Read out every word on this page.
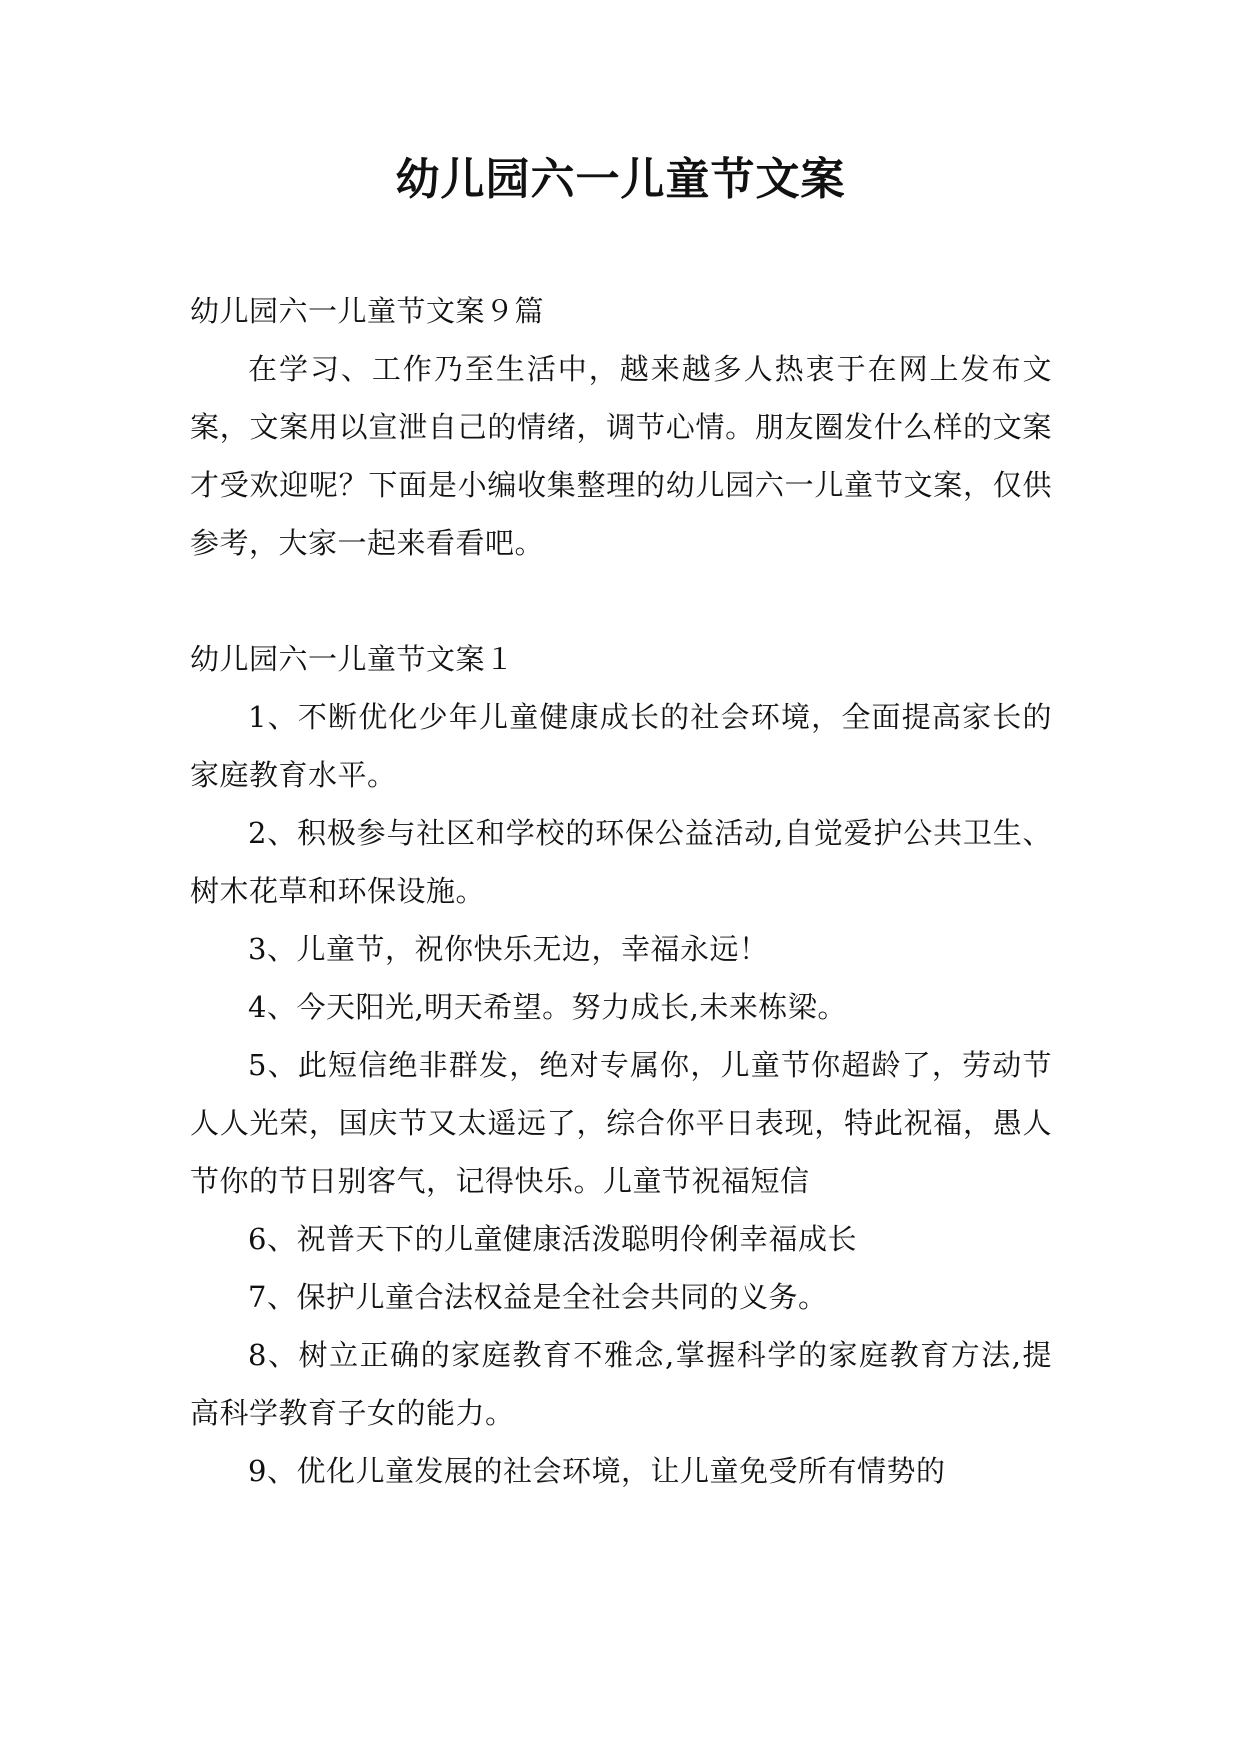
幼儿园六一儿童节文案

幼儿园六一儿童节文案９篇

在学习、工作乃至生活中，越来越多人热衷于在网上发布文案，文案用以宣泄自己的情绪，调节心情。朋友圈发什么样的文案才受欢迎呢？下面是小编收集整理的幼儿园六一儿童节文案，仅供参考，大家一起来看看吧。

幼儿园六一儿童节文案１

1、不断优化少年儿童健康成长的社会环境，全面提高家长的家庭教育水平。

2、积极参与社区和学校的环保公益活动,自觉爱护公共卫生、树木花草和环保设施。

3、儿童节，祝你快乐无边，幸福永远！

4、今天阳光,明天希望。努力成长,未来栋梁。

5、此短信绝非群发，绝对专属你，儿童节你超龄了，劳动节人人光荣，国庆节又太遥远了，综合你平日表现，特此祝福，愚人节你的节日别客气，记得快乐。儿童节祝福短信

6、祝普天下的儿童健康活泼聪明伶俐幸福成长

7、保护儿童合法权益是全社会共同的义务。

8、树立正确的家庭教育不雅念,掌握科学的家庭教育方法,提高科学教育子女的能力。

9、优化儿童发展的社会环境，让儿童免受所有情势的
